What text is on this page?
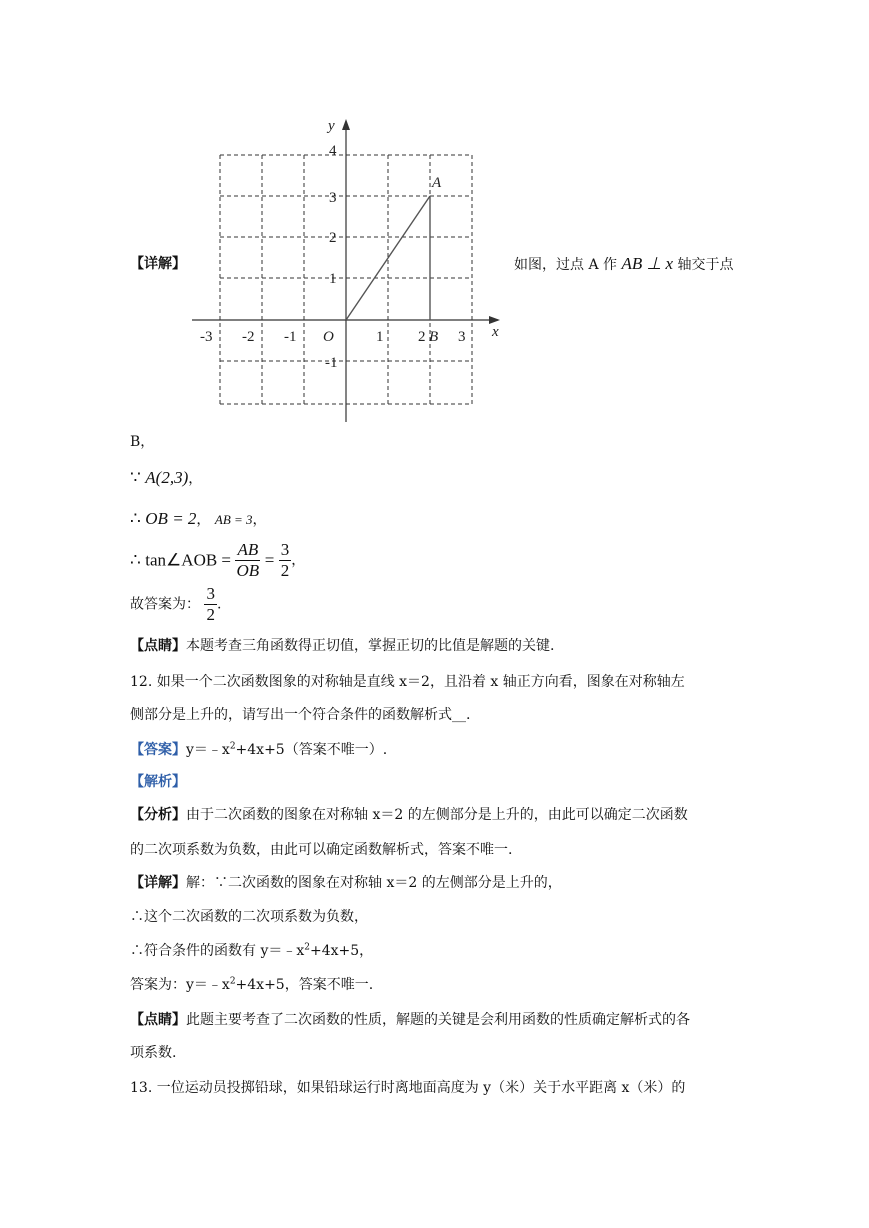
x
y
-3 -2 -1 O	1 2 B 3
4
3
2
1
-1
A
【详解】	如图，过点 A 作 AB ⊥ x 轴交于点
B，
∵ A(2,3)，
∴ OB = 2， AB = 3，
∴ tan∠AOB = $\frac{AB}{OB} = \frac{3}{2}$ ，
故答案为： $\frac{3}{2}$ .
【点睛】本题考查三角函数得正切值，掌握正切的比值是解题的关键.
12. 如果一个二次函数图象的对称轴是直线 x＝2，且沿着 x 轴正方向看，图象在对称轴左
侧部分是上升的，请写出一个符合条件的函数解析式__.
【答案】$y=﹣x^2+4x+5$（答案不唯一）.
【解析】
【分析】由于二次函数的图象在对称轴 x＝2 的左侧部分是上升的，由此可以确定二次函数
的二次项系数为负数，由此可以确定函数解析式，答案不唯一.
【详解】解：∵二次函数的图象在对称轴 x＝2 的左侧部分是上升的，
∴这个二次函数的二次项系数为负数，
∴符合条件的函数有 $y=﹣x^2+4x+5$，
答案为：$y=﹣x^2+4x+5$，答案不唯一.
【点睛】此题主要考查了二次函数的性质，解题的关键是会利用函数的性质确定解析式的各
项系数.
13. 一位运动员投掷铅球，如果铅球运行时离地面高度为 y（米）关于水平距离 x（米）的
